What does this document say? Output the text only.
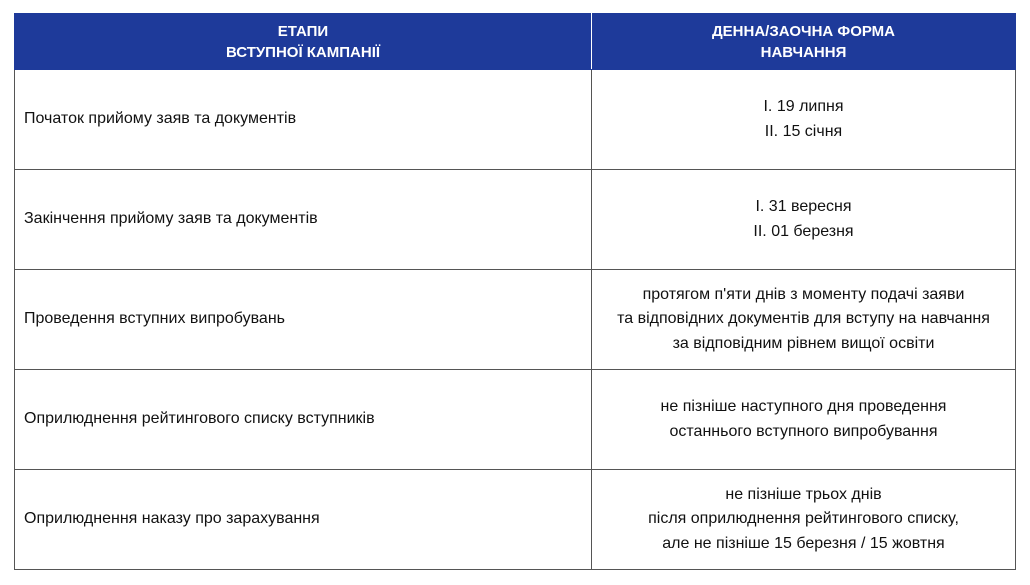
ЕТАПИ
ВСТУПНОЇ КАМПАНІЇ	ДЕННА/ЗАОЧНА ФОРМА
НАВЧАННЯ

Початок прийому заяв та документів	І. 19 липня
ІІ. 15 січня

Закінчення прийому заяв та документів	І. 31 вересня
ІІ. 01 березня

Проведення вступних випробувань	протягом п'яти днів з моменту подачі заяви
та відповідних документів для вступу на навчання
за відповідним рівнем вищої освіти

Оприлюднення рейтингового списку вступників	не пізніше наступного дня проведення
останнього вступного випробування

Оприлюднення наказу про зарахування	не пізніше трьох днів
після оприлюднення рейтингового списку,
але не пізніше 15 березня / 15 жовтня
